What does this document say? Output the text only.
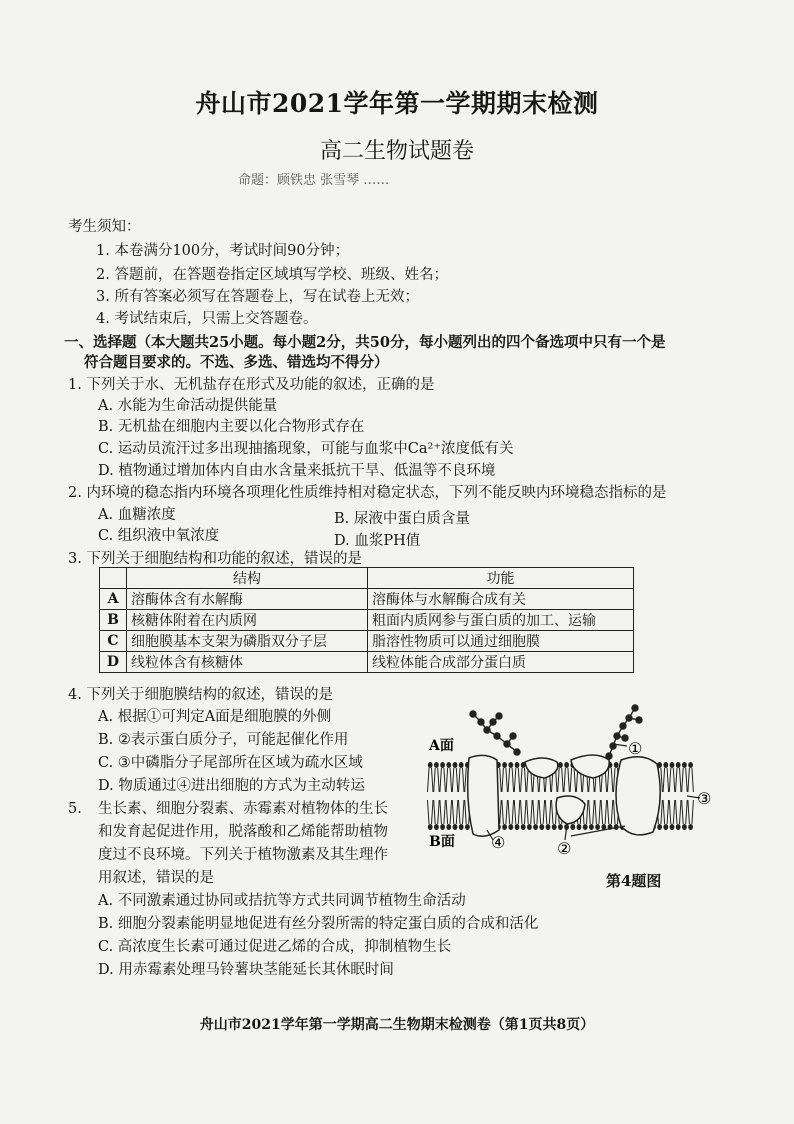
舟山市2021学年第一学期期末检测
高二生物试题卷
命题：顾铁忠 张雪琴 ……
考生须知：
1. 本卷满分100分，考试时间90分钟；
2. 答题前，在答题卷指定区域填写学校、班级、姓名；
3. 所有答案必须写在答题卷上，写在试卷上无效；
4. 考试结束后，只需上交答题卷。
一、选择题（本大题共25小题。每小题2分，共50分，每小题列出的四个备选项中只有一个是
符合题目要求的。不选、多选、错选均不得分）
1. 下列关于水、无机盐存在形式及功能的叙述，正确的是
A. 水能为生命活动提供能量
B. 无机盐在细胞内主要以化合物形式存在
C. 运动员流汗过多出现抽搐现象，可能与血浆中Ca²⁺浓度低有关
D. 植物通过增加体内自由水含量来抵抗干旱、低温等不良环境
2. 内环境的稳态指内环境各项理化性质维持相对稳定状态，下列不能反映内环境稳态指标的是
A. 血糖浓度	B. 尿液中蛋白质含量
C. 组织液中氧浓度	D. 血浆PH值
3. 下列关于细胞结构和功能的叙述，错误的是
	结构	功能
A	溶酶体含有水解酶	溶酶体与水解酶合成有关
B	核糖体附着在内质网	粗面内质网参与蛋白质的加工、运输
C	细胞膜基本支架为磷脂双分子层	脂溶性物质可以通过细胞膜
D	线粒体含有核糖体	线粒体能合成部分蛋白质
4. 下列关于细胞膜结构的叙述，错误的是
A. 根据①可判定A面是细胞膜的外侧
B. ②表示蛋白质分子，可能起催化作用
C. ③中磷脂分子尾部所在区域为疏水区域
D. 物质通过④进出细胞的方式为主动转运
A面
B面
①
③
④	②
第4题图
5. 生长素、细胞分裂素、赤霉素对植物体的生长
和发育起促进作用，脱落酸和乙烯能帮助植物
度过不良环境。下列关于植物激素及其生理作
用叙述，错误的是
A. 不同激素通过协同或拮抗等方式共同调节植物生命活动
B. 细胞分裂素能明显地促进有丝分裂所需的特定蛋白质的合成和活化
C. 高浓度生长素可通过促进乙烯的合成，抑制植物生长
D. 用赤霉素处理马铃薯块茎能延长其休眠时间
舟山市2021学年第一学期高二生物期末检测卷（第1页共8页）
